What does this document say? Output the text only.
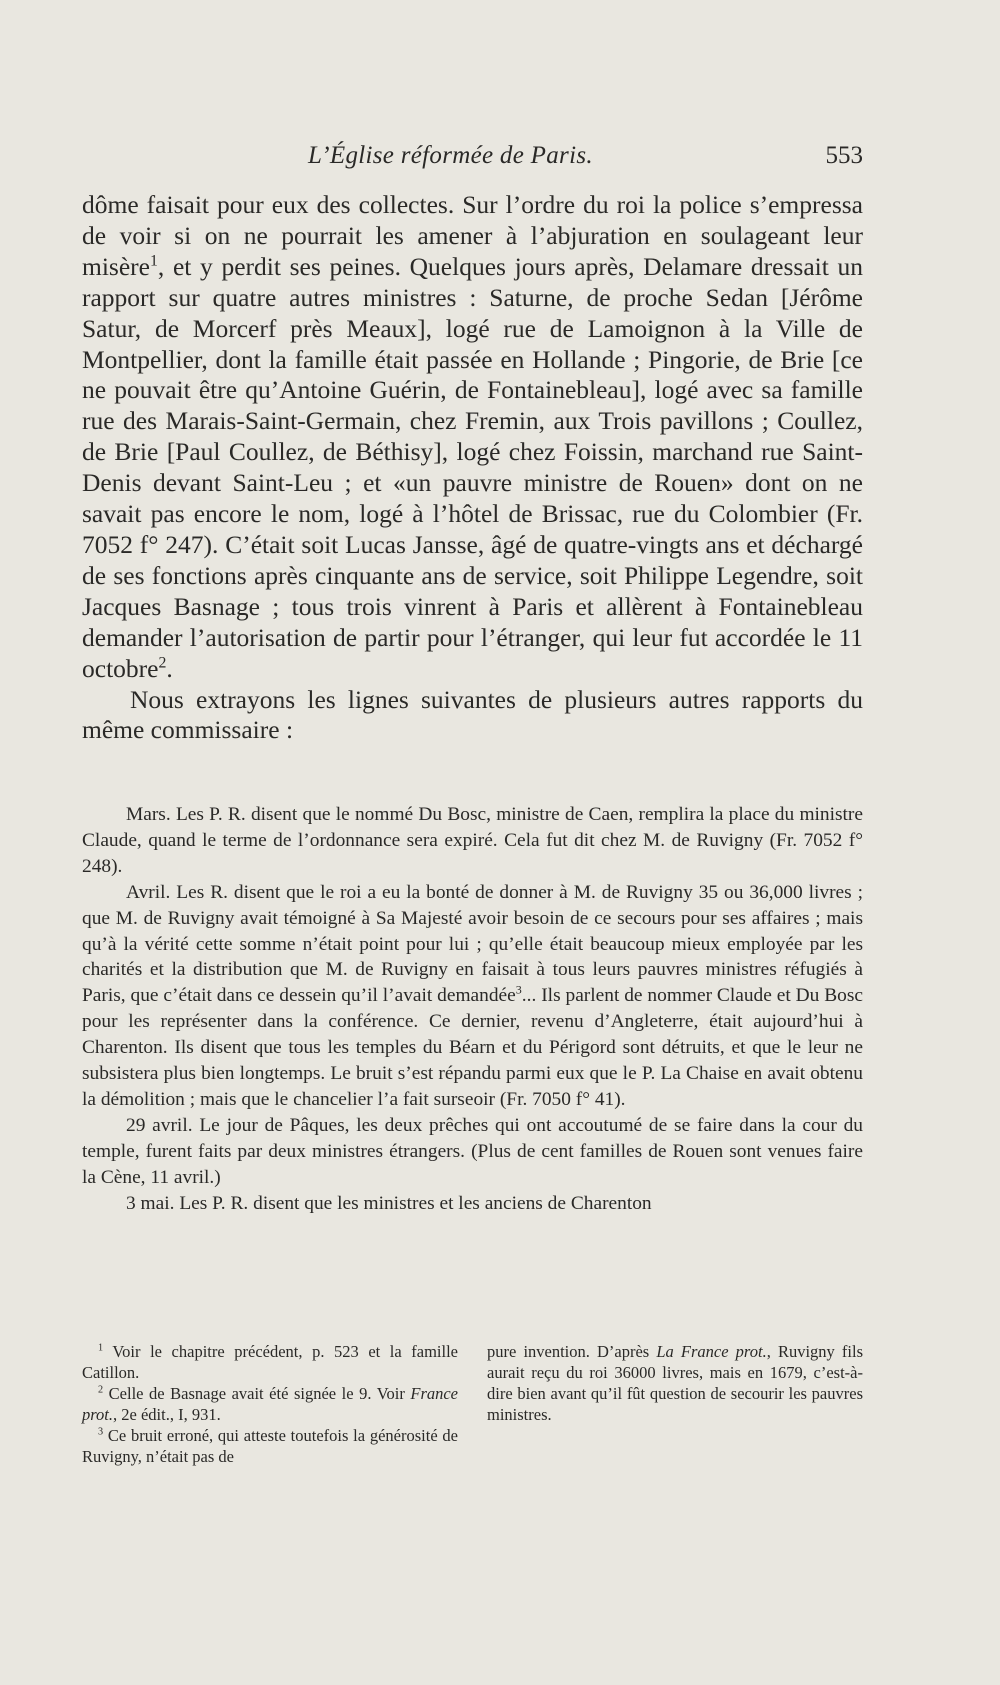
L’Église réformée de Paris.	553

dôme faisait pour eux des collectes. Sur l’ordre du roi la police s’empressa de voir si on ne pourrait les amener à l’abjuration en soulageant leur misère$^1$, et y perdit ses peines. Quelques jours après, Delamare dressait un rapport sur quatre autres ministres : Saturne, de proche Sedan [Jérôme Satur, de Morcerf près Meaux], logé rue de Lamoignon à la Ville de Montpellier, dont la famille était passée en Hollande ; Pingorie, de Brie [ce ne pouvait être qu’Antoine Guérin, de Fontainebleau], logé avec sa famille rue des Marais-Saint-Germain, chez Fremin, aux Trois pavillons ; Coullez, de Brie [Paul Coullez, de Béthisy], logé chez Foissin, marchand rue Saint-Denis devant Saint-Leu ; et «un pauvre ministre de Rouen» dont on ne savait pas encore le nom, logé à l’hôtel de Brissac, rue du Colombier (Fr. 7052 f° 247). C’était soit Lucas Jansse, âgé de quatre-vingts ans et déchargé de ses fonctions après cinquante ans de service, soit Philippe Legendre, soit Jacques Basnage ; tous trois vinrent à Paris et allèrent à Fontainebleau demander l’autorisation de partir pour l’étranger, qui leur fut accordée le 11 octobre$^2$.

Nous extrayons les lignes suivantes de plusieurs autres rapports du même commissaire :

Mars. Les P. R. disent que le nommé Du Bosc, ministre de Caen, remplira la place du ministre Claude, quand le terme de l’ordonnance sera expiré. Cela fut dit chez M. de Ruvigny (Fr. 7052 f° 248).

Avril. Les R. disent que le roi a eu la bonté de donner à M. de Ruvigny 35 ou 36,000 livres ; que M. de Ruvigny avait témoigné à Sa Majesté avoir besoin de ce secours pour ses affaires ; mais qu’à la vérité cette somme n’était point pour lui ; qu’elle était beaucoup mieux employée par les charités et la distribution que M. de Ruvigny en faisait à tous leurs pauvres ministres réfugiés à Paris, que c’était dans ce dessein qu’il l’avait demandée$^3$... Ils parlent de nommer Claude et Du Bosc pour les représenter dans la conférence. Ce dernier, revenu d’Angleterre, était aujourd’hui à Charenton. Ils disent que tous les temples du Béarn et du Périgord sont détruits, et que le leur ne subsistera plus bien longtemps. Le bruit s’est répandu parmi eux que le P. La Chaise en avait obtenu la démolition ; mais que le chancelier l’a fait surseoir (Fr. 7050 f° 41).

29 avril. Le jour de Pâques, les deux prêches qui ont accoutumé de se faire dans la cour du temple, furent faits par deux ministres étrangers. (Plus de cent familles de Rouen sont venues faire la Cène, 11 avril.)

3 mai. Les P. R. disent que les ministres et les anciens de Charenton

$^1$ Voir le chapitre précédent, p. 523 et la famille Catillon.

$^2$ Celle de Basnage avait été signée le 9. Voir France prot., 2e édit., I, 931.

$^3$ Ce bruit erroné, qui atteste toutefois la générosité de Ruvigny, n’était pas de

pure invention. D’après La France prot., Ruvigny fils aurait reçu du roi 36000 livres, mais en 1679, c’est-à-dire bien avant qu’il fût question de secourir les pauvres ministres.
